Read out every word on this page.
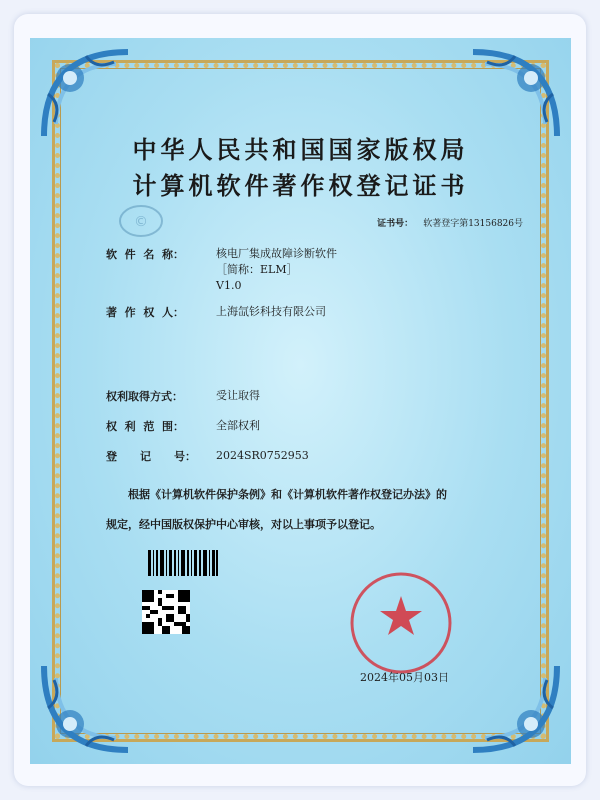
中华人民共和国国家版权局
计算机软件著作权登记证书
©	证书号： 软著登字第13156826号
软  件  名  称：	核电厂集成故障诊断软件
［简称：ELM］
V1.0
著  作  权  人：	上海氙钐科技有限公司
权利取得方式：	受让取得
权  利  范  围：	全部权利
登      记      号：	2024SR0752953
根据《计算机软件保护条例》和《计算机软件著作权登记办法》的
规定，经中国版权保护中心审核，对以上事项予以登记。
2024年05月03日
